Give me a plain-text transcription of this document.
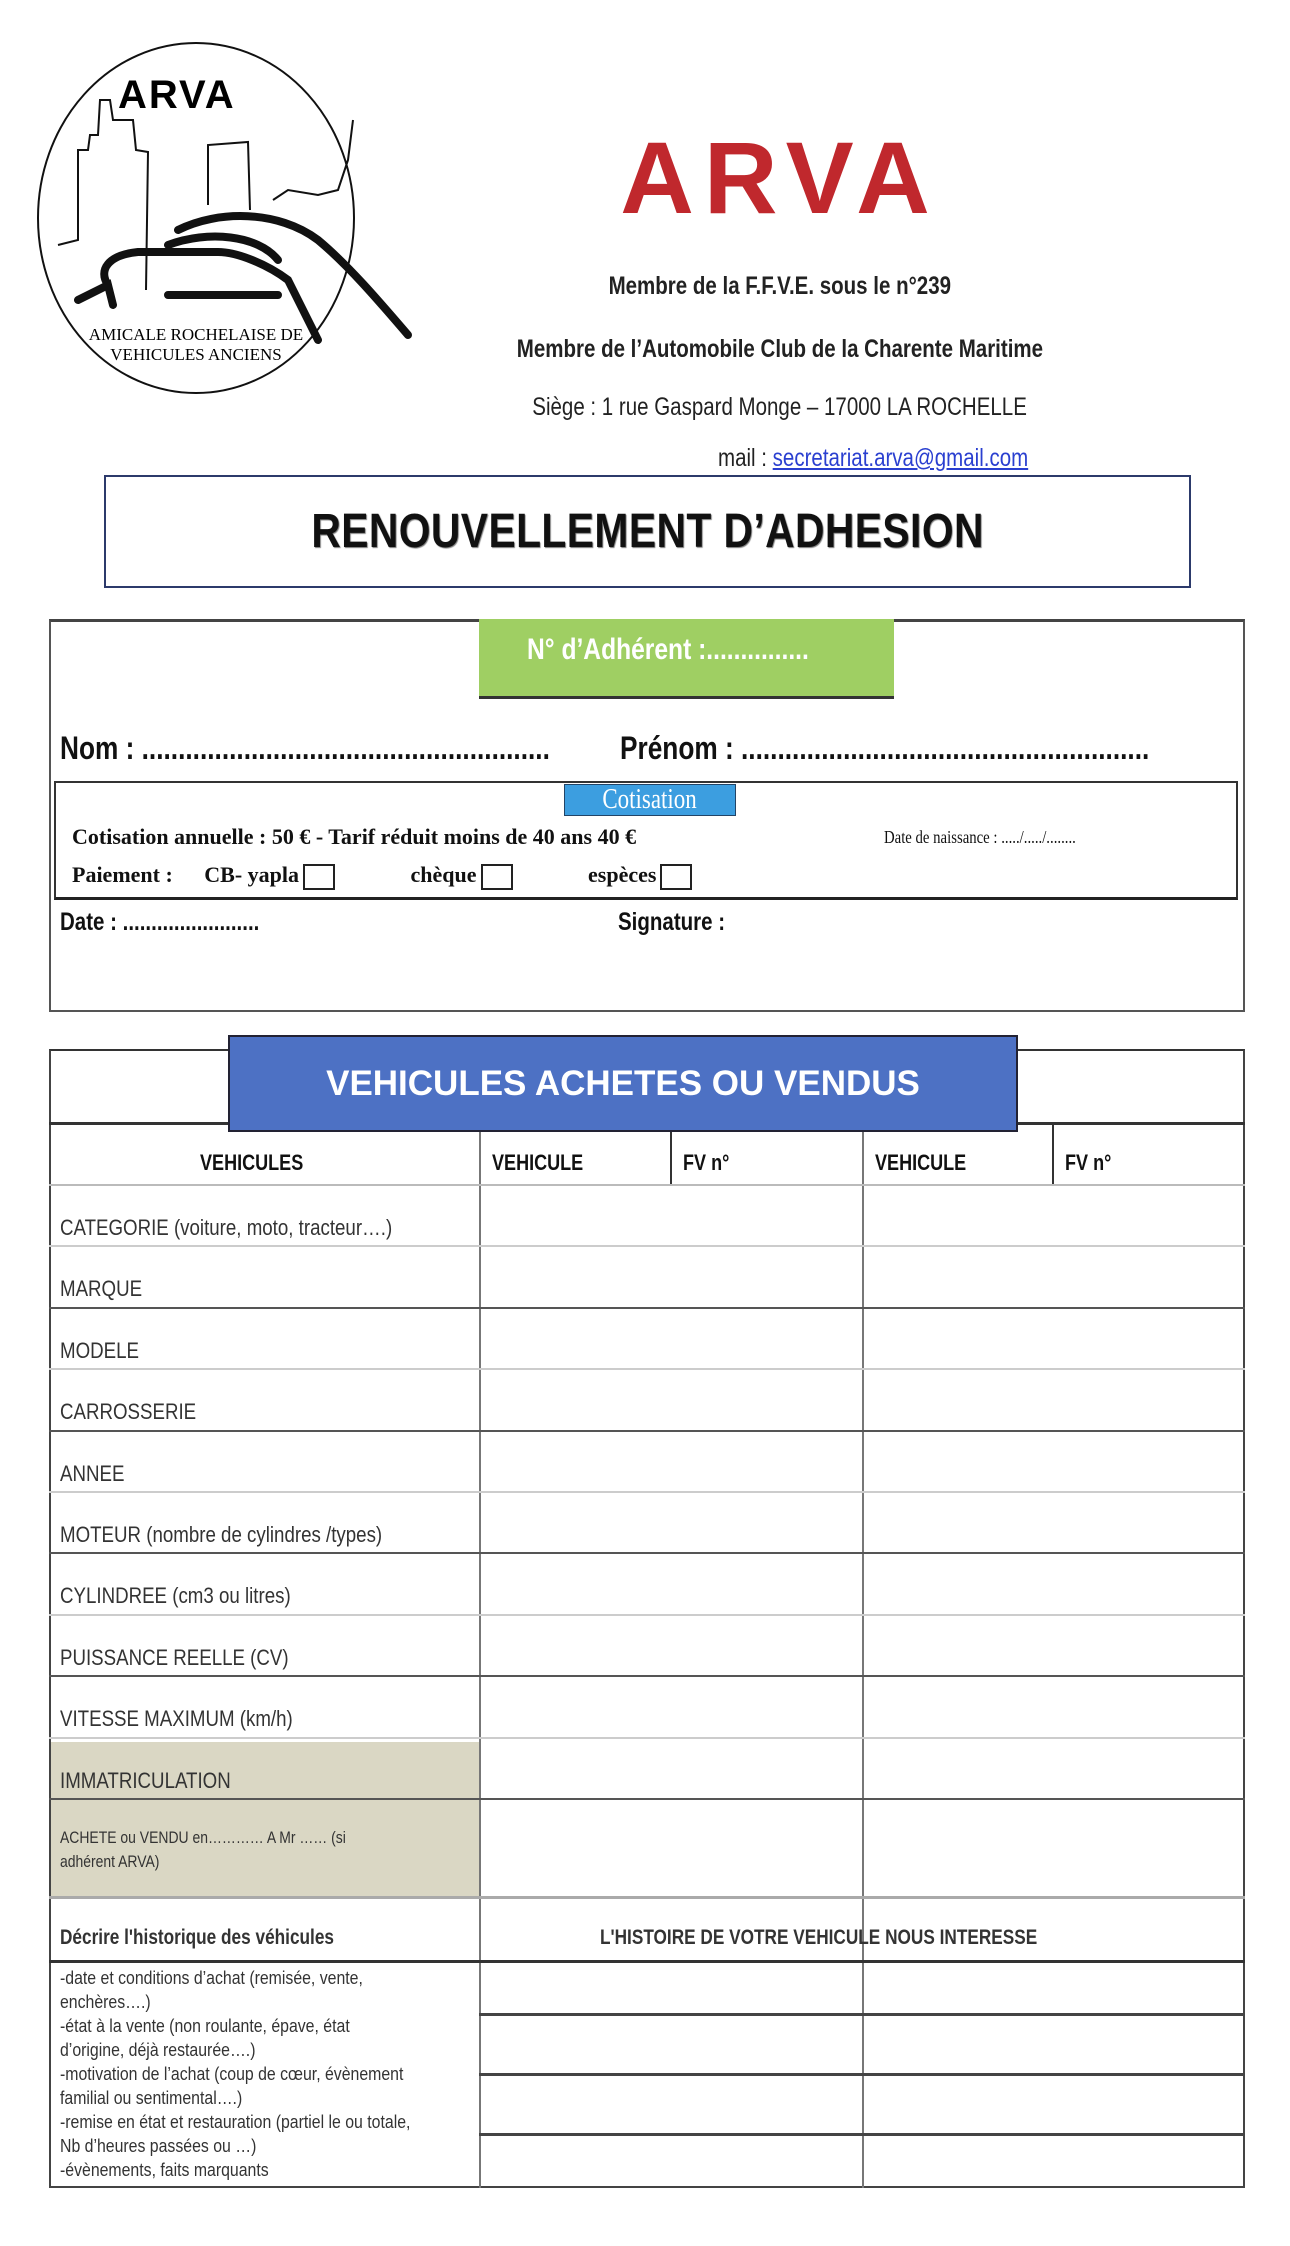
ARVA
AMICALE ROCHELAISE DE
VEHICULES ANCIENS
ARVA
Membre de la F.F.V.E. sous le n°239
Membre de l’Automobile Club de la Charente Maritime
Siège : 1 rue Gaspard Monge – 17000 LA ROCHELLE
mail : secretariat.arva@gmail.com
RENOUVELLEMENT D’ADHESION
N° d’Adhérent :...............
Nom : ........................................................	Prénom : ........................................................
Cotisation
Cotisation annuelle : 50 € - Tarif réduit moins de 40 ans 40 €	Date de naissance : ...../...../........
Paiement : CB- yapla	chèque	espèces
Date : ........................	Signature :
VEHICULES	VEHICULE	FV n°	VEHICULE	FV n°
CATEGORIE (voiture, moto, tracteur….)
MARQUE
MODELE
CARROSSERIE
ANNEE
MOTEUR (nombre de cylindres /types)
CYLINDREE (cm3 ou litres)
PUISSANCE REELLE (CV)
VITESSE MAXIMUM (km/h)
IMMATRICULATION
ACHETE ou VENDU en………… A Mr …… (si
adhérent ARVA)
Décrire l'historique des véhicules	L'HISTOIRE DE VOTRE VEHICULE NOUS INTERESSE
-date et conditions d’achat (remisée, vente,
enchères….)
-état à la vente (non roulante, épave, état
d’origine, déjà restaurée….)
-motivation de l’achat (coup de cœur, évènement
familial ou sentimental….)
-remise en état et restauration (partiel le ou totale,
Nb d’heures passées ou …)
-évènements, faits marquants
VEHICULES ACHETES OU VENDUS
